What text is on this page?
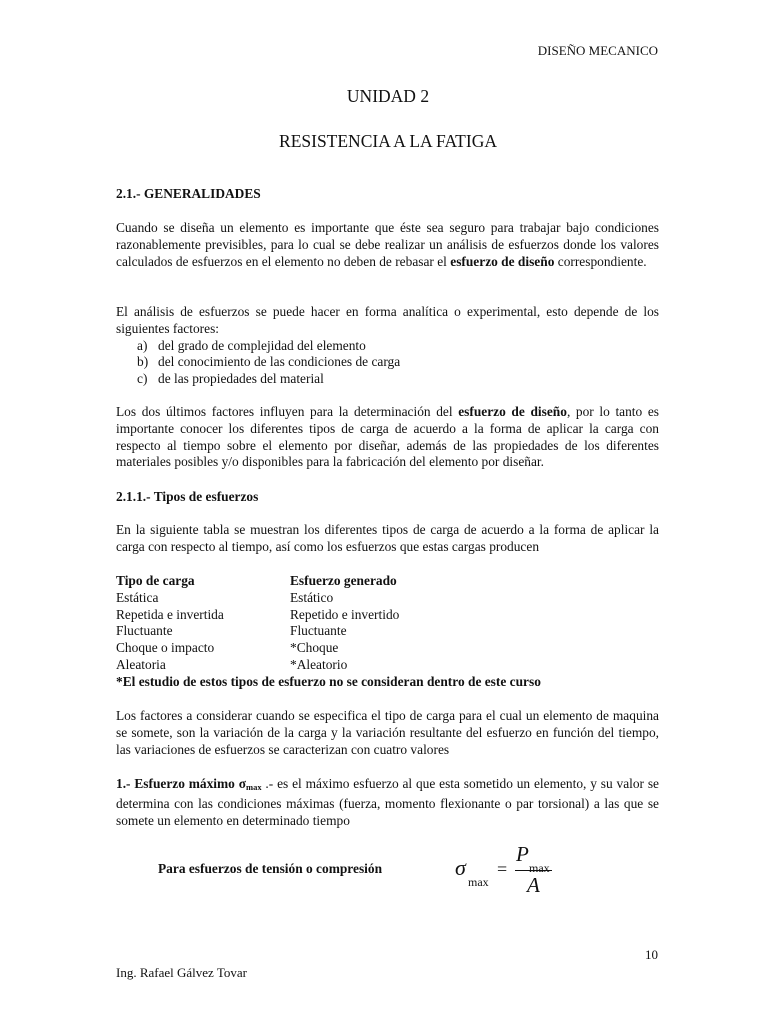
DISEÑO MECANICO
UNIDAD 2
RESISTENCIA A LA FATIGA
2.1.- GENERALIDADES

Cuando se diseña un elemento es importante que éste sea seguro para trabajar bajo condiciones razonablemente previsibles, para lo cual se debe realizar un análisis de esfuerzos donde los valores calculados de esfuerzos en el elemento no deben de rebasar el esfuerzo de diseño correspondiente.

El análisis de esfuerzos se puede hacer en forma analítica o experimental, esto depende de los siguientes factores:

a) del grado de complejidad del elemento
b) del conocimiento de las condiciones de carga
c) de las propiedades del material

Los dos últimos factores influyen para la determinación del esfuerzo de diseño, por lo tanto es importante conocer los diferentes tipos de carga de acuerdo a la forma de aplicar la carga con respecto al tiempo sobre el elemento por diseñar, además de las propiedades de los diferentes materiales posibles y/o disponibles para la fabricación del elemento por diseñar.

2.1.1.- Tipos de esfuerzos

En la siguiente tabla se muestran los diferentes tipos de carga de acuerdo a la forma de aplicar la carga con respecto al tiempo, así como los esfuerzos que estas cargas producen

Tipo de carga	Esfuerzo generado
Estática	Estático
Repetida e invertida	Repetido e invertido
Fluctuante	Fluctuante
Choque o impacto	*Choque
Aleatoria	*Aleatorio

*El estudio de estos tipos de esfuerzo no se consideran dentro de este curso

Los factores a considerar cuando se especifica el tipo de carga para el cual un elemento de maquina se somete, son la variación de la carga y la variación resultante del esfuerzo en función del tiempo, las variaciones de esfuerzos se caracterizan con cuatro valores

1.- Esfuerzo máximo $\sigma_{max}$ .- es el máximo esfuerzo al que esta sometido un elemento, y su valor se determina con las condiciones máximas (fuerza, momento flexionante o par torsional) a las que se somete un elemento en determinado tiempo

Para esfuerzos de tensión o compresión	σ
max
=
P
max
A
10
Ing. Rafael Gálvez Tovar
